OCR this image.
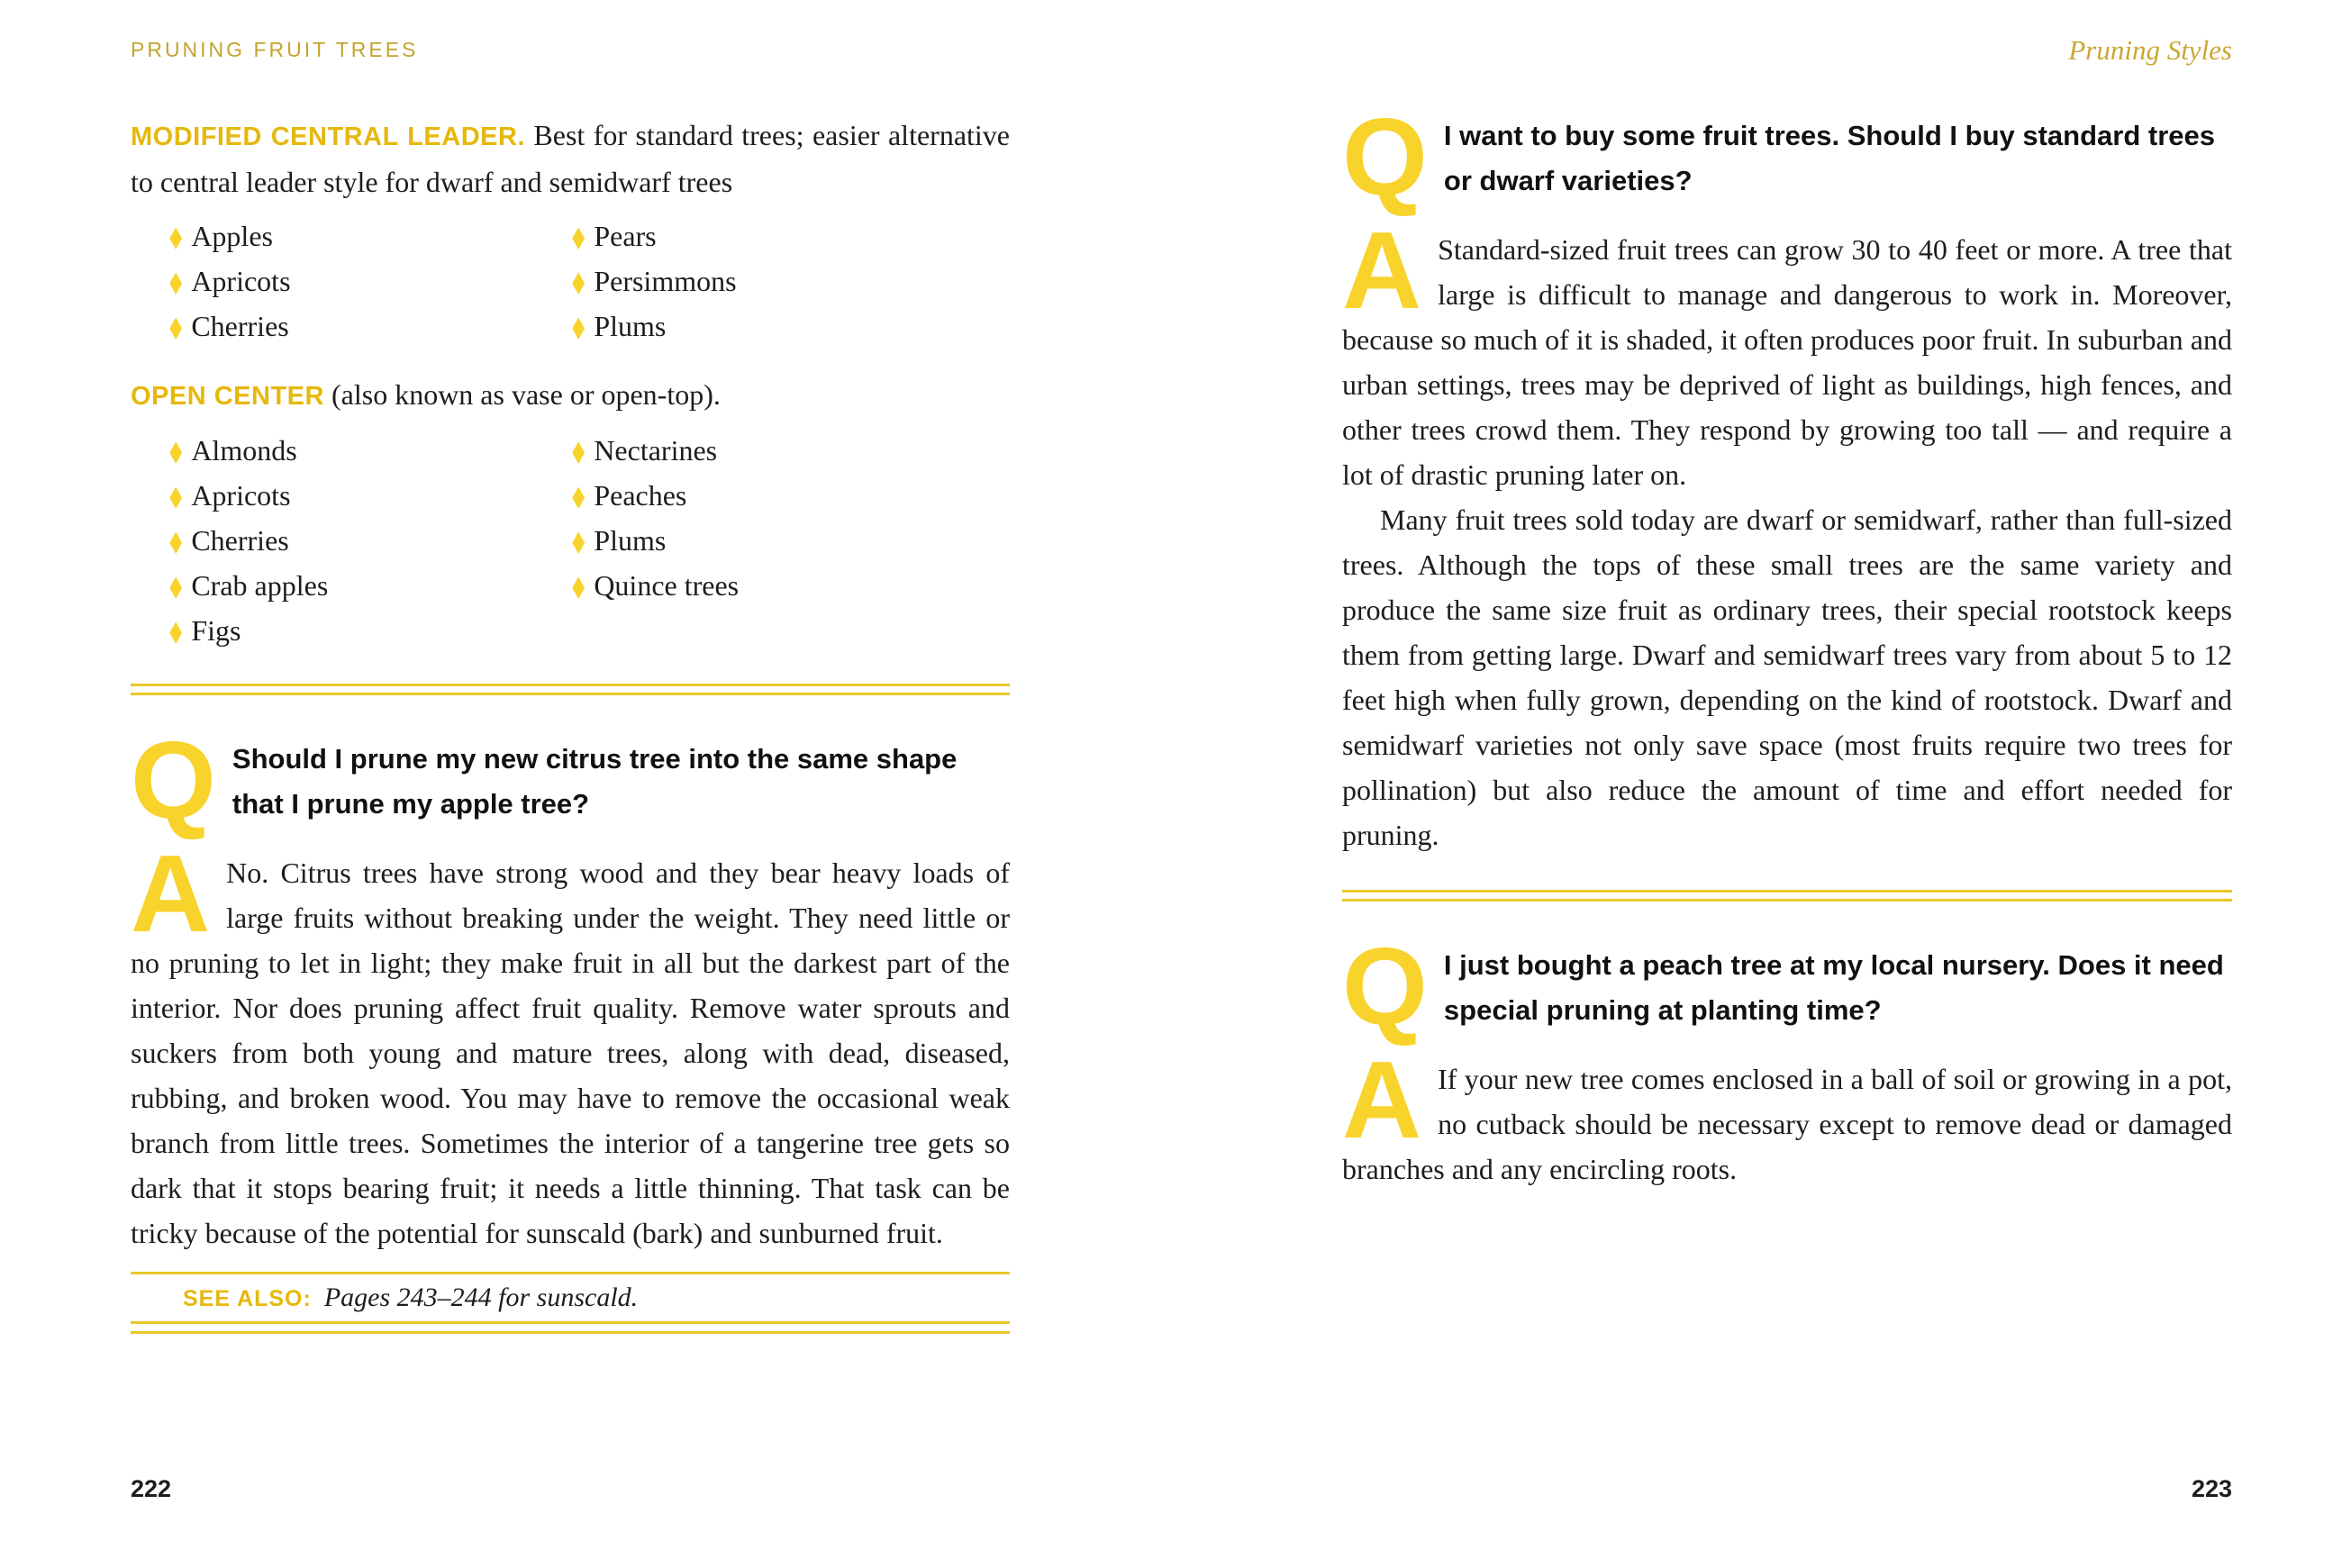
PRUNING FRUIT TREES
MODIFIED CENTRAL LEADER. Best for standard trees; easier alternative to central leader style for dwarf and semidwarf trees
◆ Apples	◆ Pears
◆ Apricots	◆ Persimmons
◆ Cherries	◆ Plums
OPEN CENTER (also known as vase or open-top).
◆ Almonds	◆ Nectarines
◆ Apricots	◆ Peaches
◆ Cherries	◆ Plums
◆ Crab apples	◆ Quince trees
◆ Figs
Q Should I prune my new citrus tree into the same shape that I prune my apple tree?
A No. Citrus trees have strong wood and they bear heavy loads of large fruits without breaking under the weight. They need little or no pruning to let in light; they make fruit in all but the darkest part of the interior. Nor does pruning affect fruit quality. Remove water sprouts and suckers from both young and mature trees, along with dead, diseased, rubbing, and broken wood. You may have to remove the occasional weak branch from little trees. Sometimes the interior of a tangerine tree gets so dark that it stops bearing fruit; it needs a little thinning. That task can be tricky because of the potential for sunscald (bark) and sunburned fruit.
SEE ALSO: Pages 243–244 for sunscald.
222
Pruning Styles
Q I want to buy some fruit trees. Should I buy standard trees or dwarf varieties?
A Standard-sized fruit trees can grow 30 to 40 feet or more. A tree that large is difficult to manage and dangerous to work in. Moreover, because so much of it is shaded, it often produces poor fruit. In suburban and urban settings, trees may be deprived of light as buildings, high fences, and other trees crowd them. They respond by growing too tall — and require a lot of drastic pruning later on.

Many fruit trees sold today are dwarf or semidwarf, rather than full-sized trees. Although the tops of these small trees are the same variety and produce the same size fruit as ordinary trees, their special rootstock keeps them from getting large. Dwarf and semidwarf trees vary from about 5 to 12 feet high when fully grown, depending on the kind of rootstock. Dwarf and semidwarf varieties not only save space (most fruits require two trees for pollination) but also reduce the amount of time and effort needed for pruning.

Q I just bought a peach tree at my local nursery. Does it need special pruning at planting time?
A If your new tree comes enclosed in a ball of soil or growing in a pot, no cutback should be necessary except to remove dead or damaged branches and any encircling roots.
223
